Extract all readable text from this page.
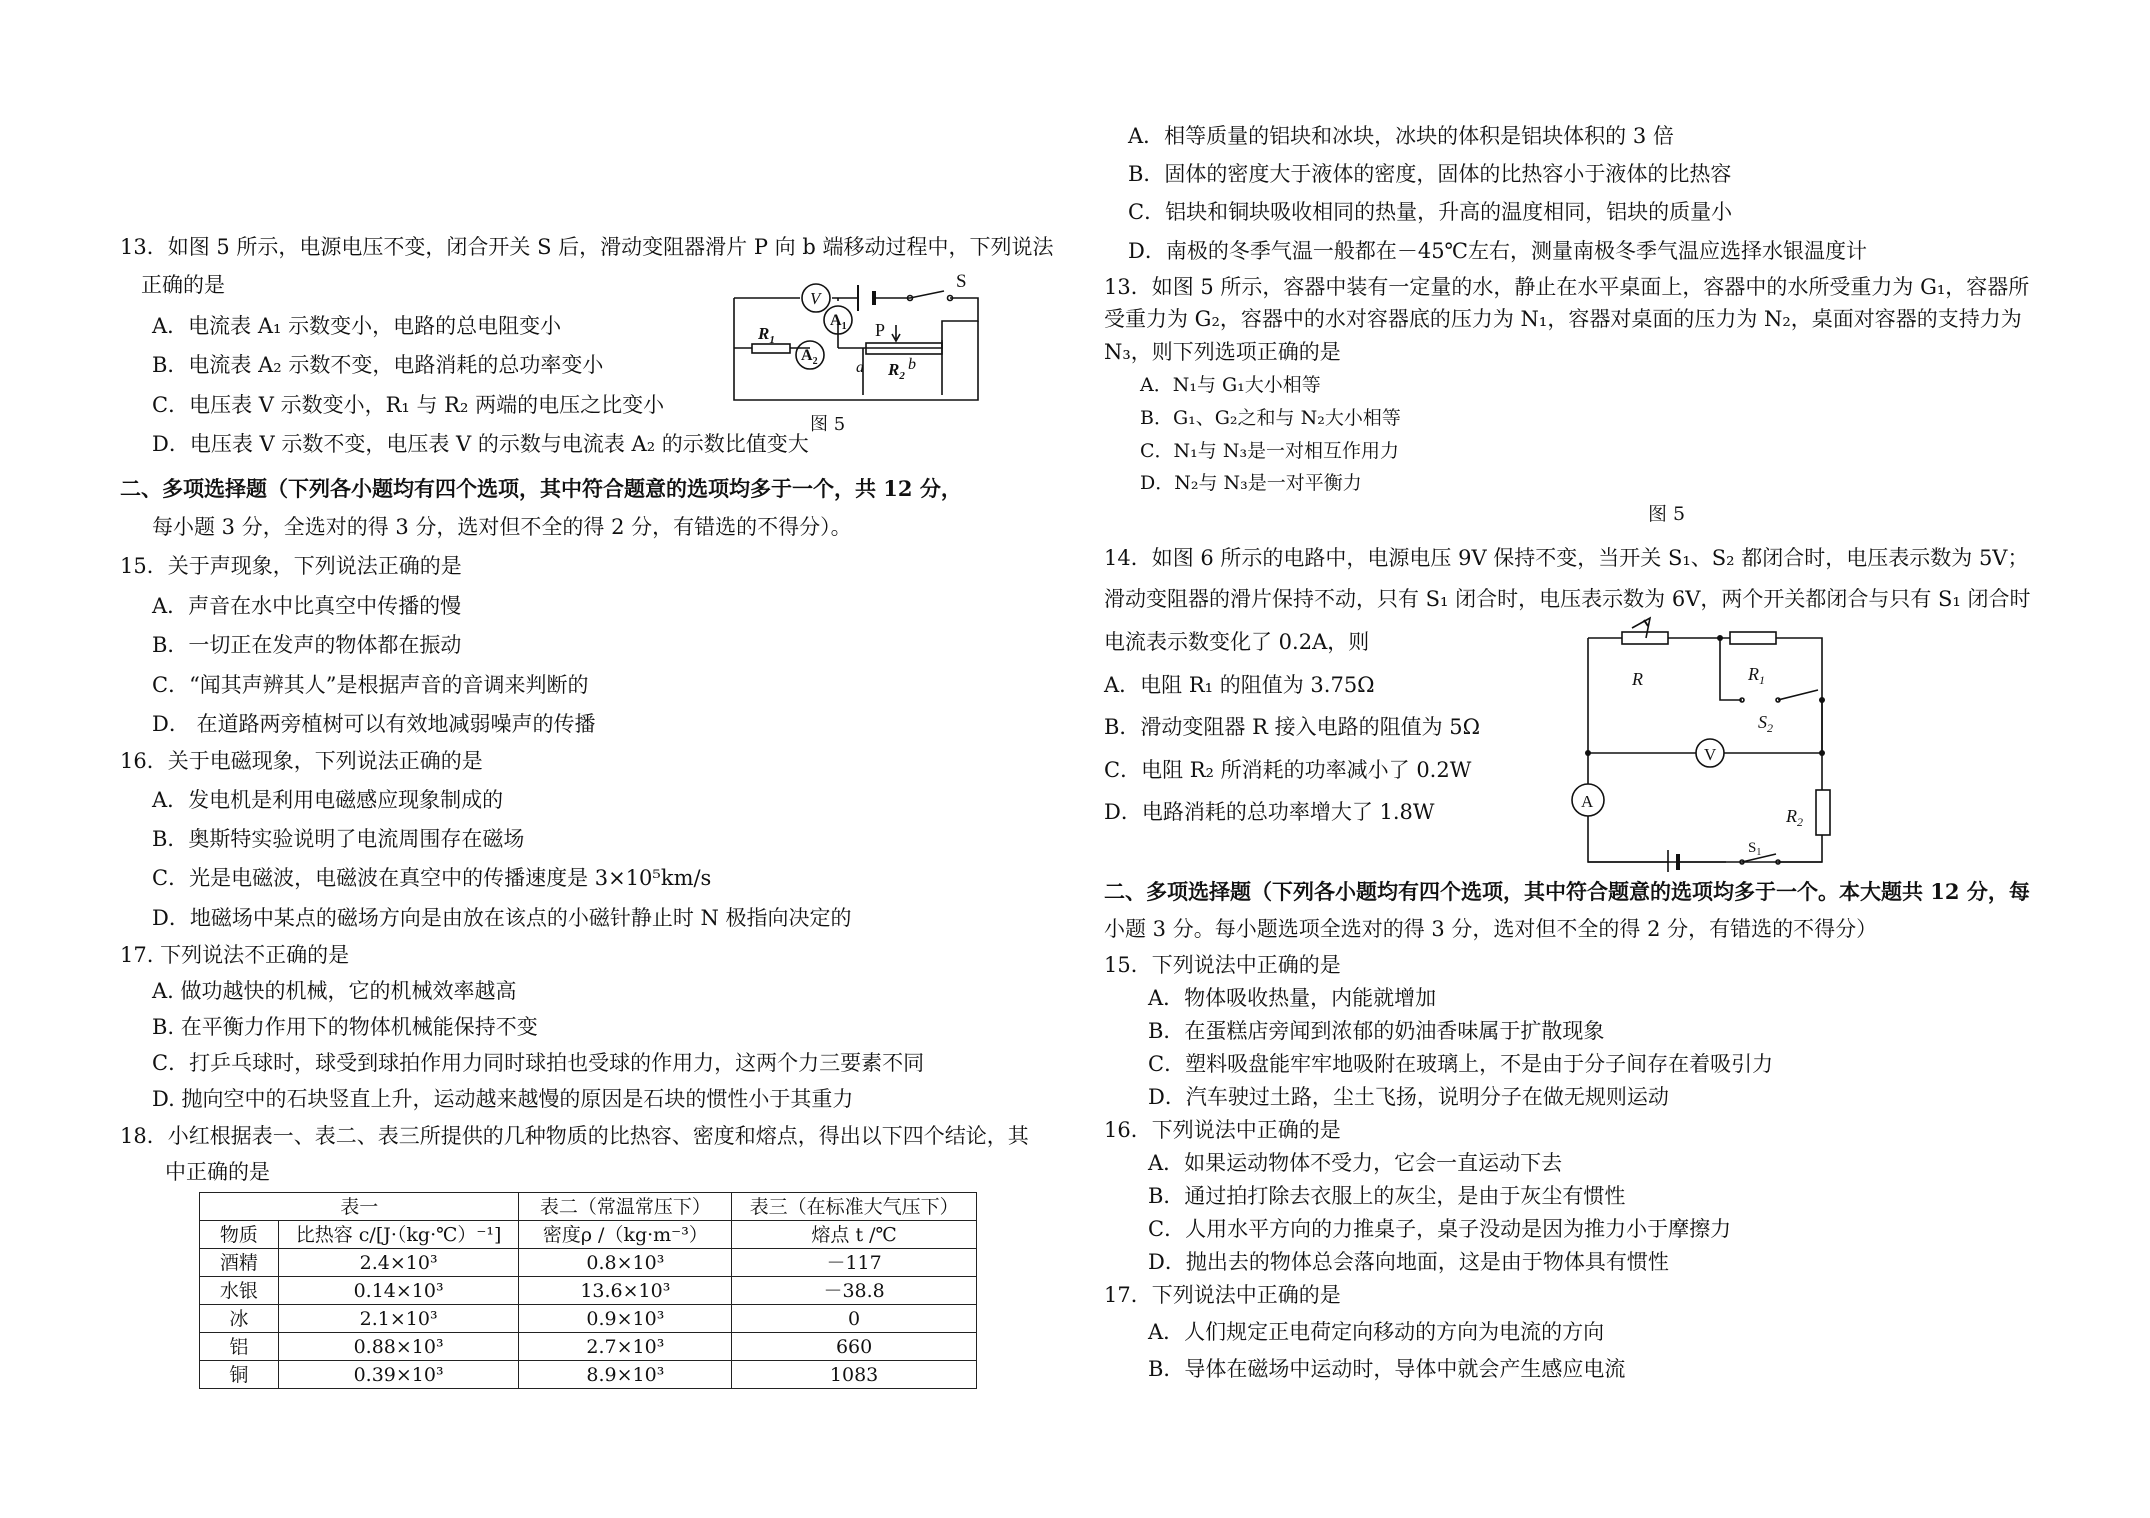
13．如图 5 所示，电源电压不变，闭合开关 S 后，滑动变阻器滑片 P 向 b 端移动过程中，下列说法
正确的是
A．电流表 A₁ 示数变小，电路的总电阻变小
B．电流表 A₂ 示数不变，电路消耗的总功率变小
C．电压表 V 示数变小，R₁ 与 R₂ 两端的电压之比变小
D．电压表 V 示数不变，电压表 V 的示数与电流表 A₂ 的示数比值变大
V
S
$A_1$
$A_2$
$R_1$	P
a $R_2$
b
图 5
二、多项选择题（下列各小题均有四个选项，其中符合题意的选项均多于一个，共 12 分，
每小题 3 分，全选对的得 3 分，选对但不全的得 2 分，有错选的不得分）。
15．关于声现象，下列说法正确的是
A．声音在水中比真空中传播的慢
B．一切正在发声的物体都在振动
C．“闻其声辨其人”是根据声音的音调来判断的
D． 在道路两旁植树可以有效地减弱噪声的传播
16．关于电磁现象，下列说法正确的是
A．发电机是利用电磁感应现象制成的
B．奥斯特实验说明了电流周围存在磁场
C．光是电磁波，电磁波在真空中的传播速度是 3×10⁵km/s
D．地磁场中某点的磁场方向是由放在该点的小磁针静止时 N 极指向决定的
17. 下列说法不正确的是
A. 做功越快的机械，它的机械效率越高
B. 在平衡力作用下的物体机械能保持不变
C．打乒乓球时，球受到球拍作用力同时球拍也受球的作用力，这两个力三要素不同
D. 抛向空中的石块竖直上升，运动越来越慢的原因是石块的惯性小于其重力
18．小红根据表一、表二、表三所提供的几种物质的比热容、密度和熔点，得出以下四个结论，其
中正确的是
表一		表二（常温常压下）	表三（在标准大气压下）
物质	比热容 c/[J·（kg·℃）⁻¹]	密度ρ /（kg·m⁻³）	熔点 t /℃
酒精	2.4×10³	0.8×10³	－117
水银	0.14×10³	13.6×10³	－38.8
冰	2.1×10³	0.9×10³	0
铝	0.88×10³	2.7×10³	660
铜	0.39×10³	8.9×10³	1083
A．相等质量的铝块和冰块，冰块的体积是铝块体积的 3 倍
B．固体的密度大于液体的密度，固体的比热容小于液体的比热容
C．铝块和铜块吸收相同的热量，升高的温度相同，铝块的质量小
D．南极的冬季气温一般都在－45℃左右，测量南极冬季气温应选择水银温度计
13．如图 5 所示，容器中装有一定量的水，静止在水平桌面上，容器中的水所受重力为 G₁，容器所
受重力为 G₂，容器中的水对容器底的压力为 N₁，容器对桌面的压力为 N₂，桌面对容器的支持力为
N₃，则下列选项正确的是
A．N₁与 G₁大小相等
B．G₁、G₂之和与 N₂大小相等
C．N₁与 N₃是一对相互作用力
D．N₂与 N₃是一对平衡力
图 5
14．如图 6 所示的电路中，电源电压 9V 保持不变，当开关 S₁、S₂ 都闭合时，电压表示数为 5V；
滑动变阻器的滑片保持不动，只有 S₁ 闭合时，电压表示数为 6V，两个开关都闭合与只有 S₁ 闭合时
电流表示数变化了 0.2A，则
A．电阻 R₁ 的阻值为 3.75Ω
B．滑动变阻器 R 接入电路的阻值为 5Ω
C．电阻 R₂ 所消耗的功率减小了 0.2W
D．电路消耗的总功率增大了 1.8W
R	$R_1$
$S_2$
V
A
$R_2$
$S_1$
二、多项选择题（下列各小题均有四个选项，其中符合题意的选项均多于一个。本大题共 12 分，每
小题 3 分。每小题选项全选对的得 3 分，选对但不全的得 2 分，有错选的不得分）
15．下列说法中正确的是
A．物体吸收热量，内能就增加
B．在蛋糕店旁闻到浓郁的奶油香味属于扩散现象
C．塑料吸盘能牢牢地吸附在玻璃上，不是由于分子间存在着吸引力
D．汽车驶过土路，尘土飞扬，说明分子在做无规则运动
16．下列说法中正确的是
A．如果运动物体不受力，它会一直运动下去
B．通过拍打除去衣服上的灰尘，是由于灰尘有惯性
C．人用水平方向的力推桌子，桌子没动是因为推力小于摩擦力
D．抛出去的物体总会落向地面，这是由于物体具有惯性
17．下列说法中正确的是
A．人们规定正电荷定向移动的方向为电流的方向
B．导体在磁场中运动时，导体中就会产生感应电流
